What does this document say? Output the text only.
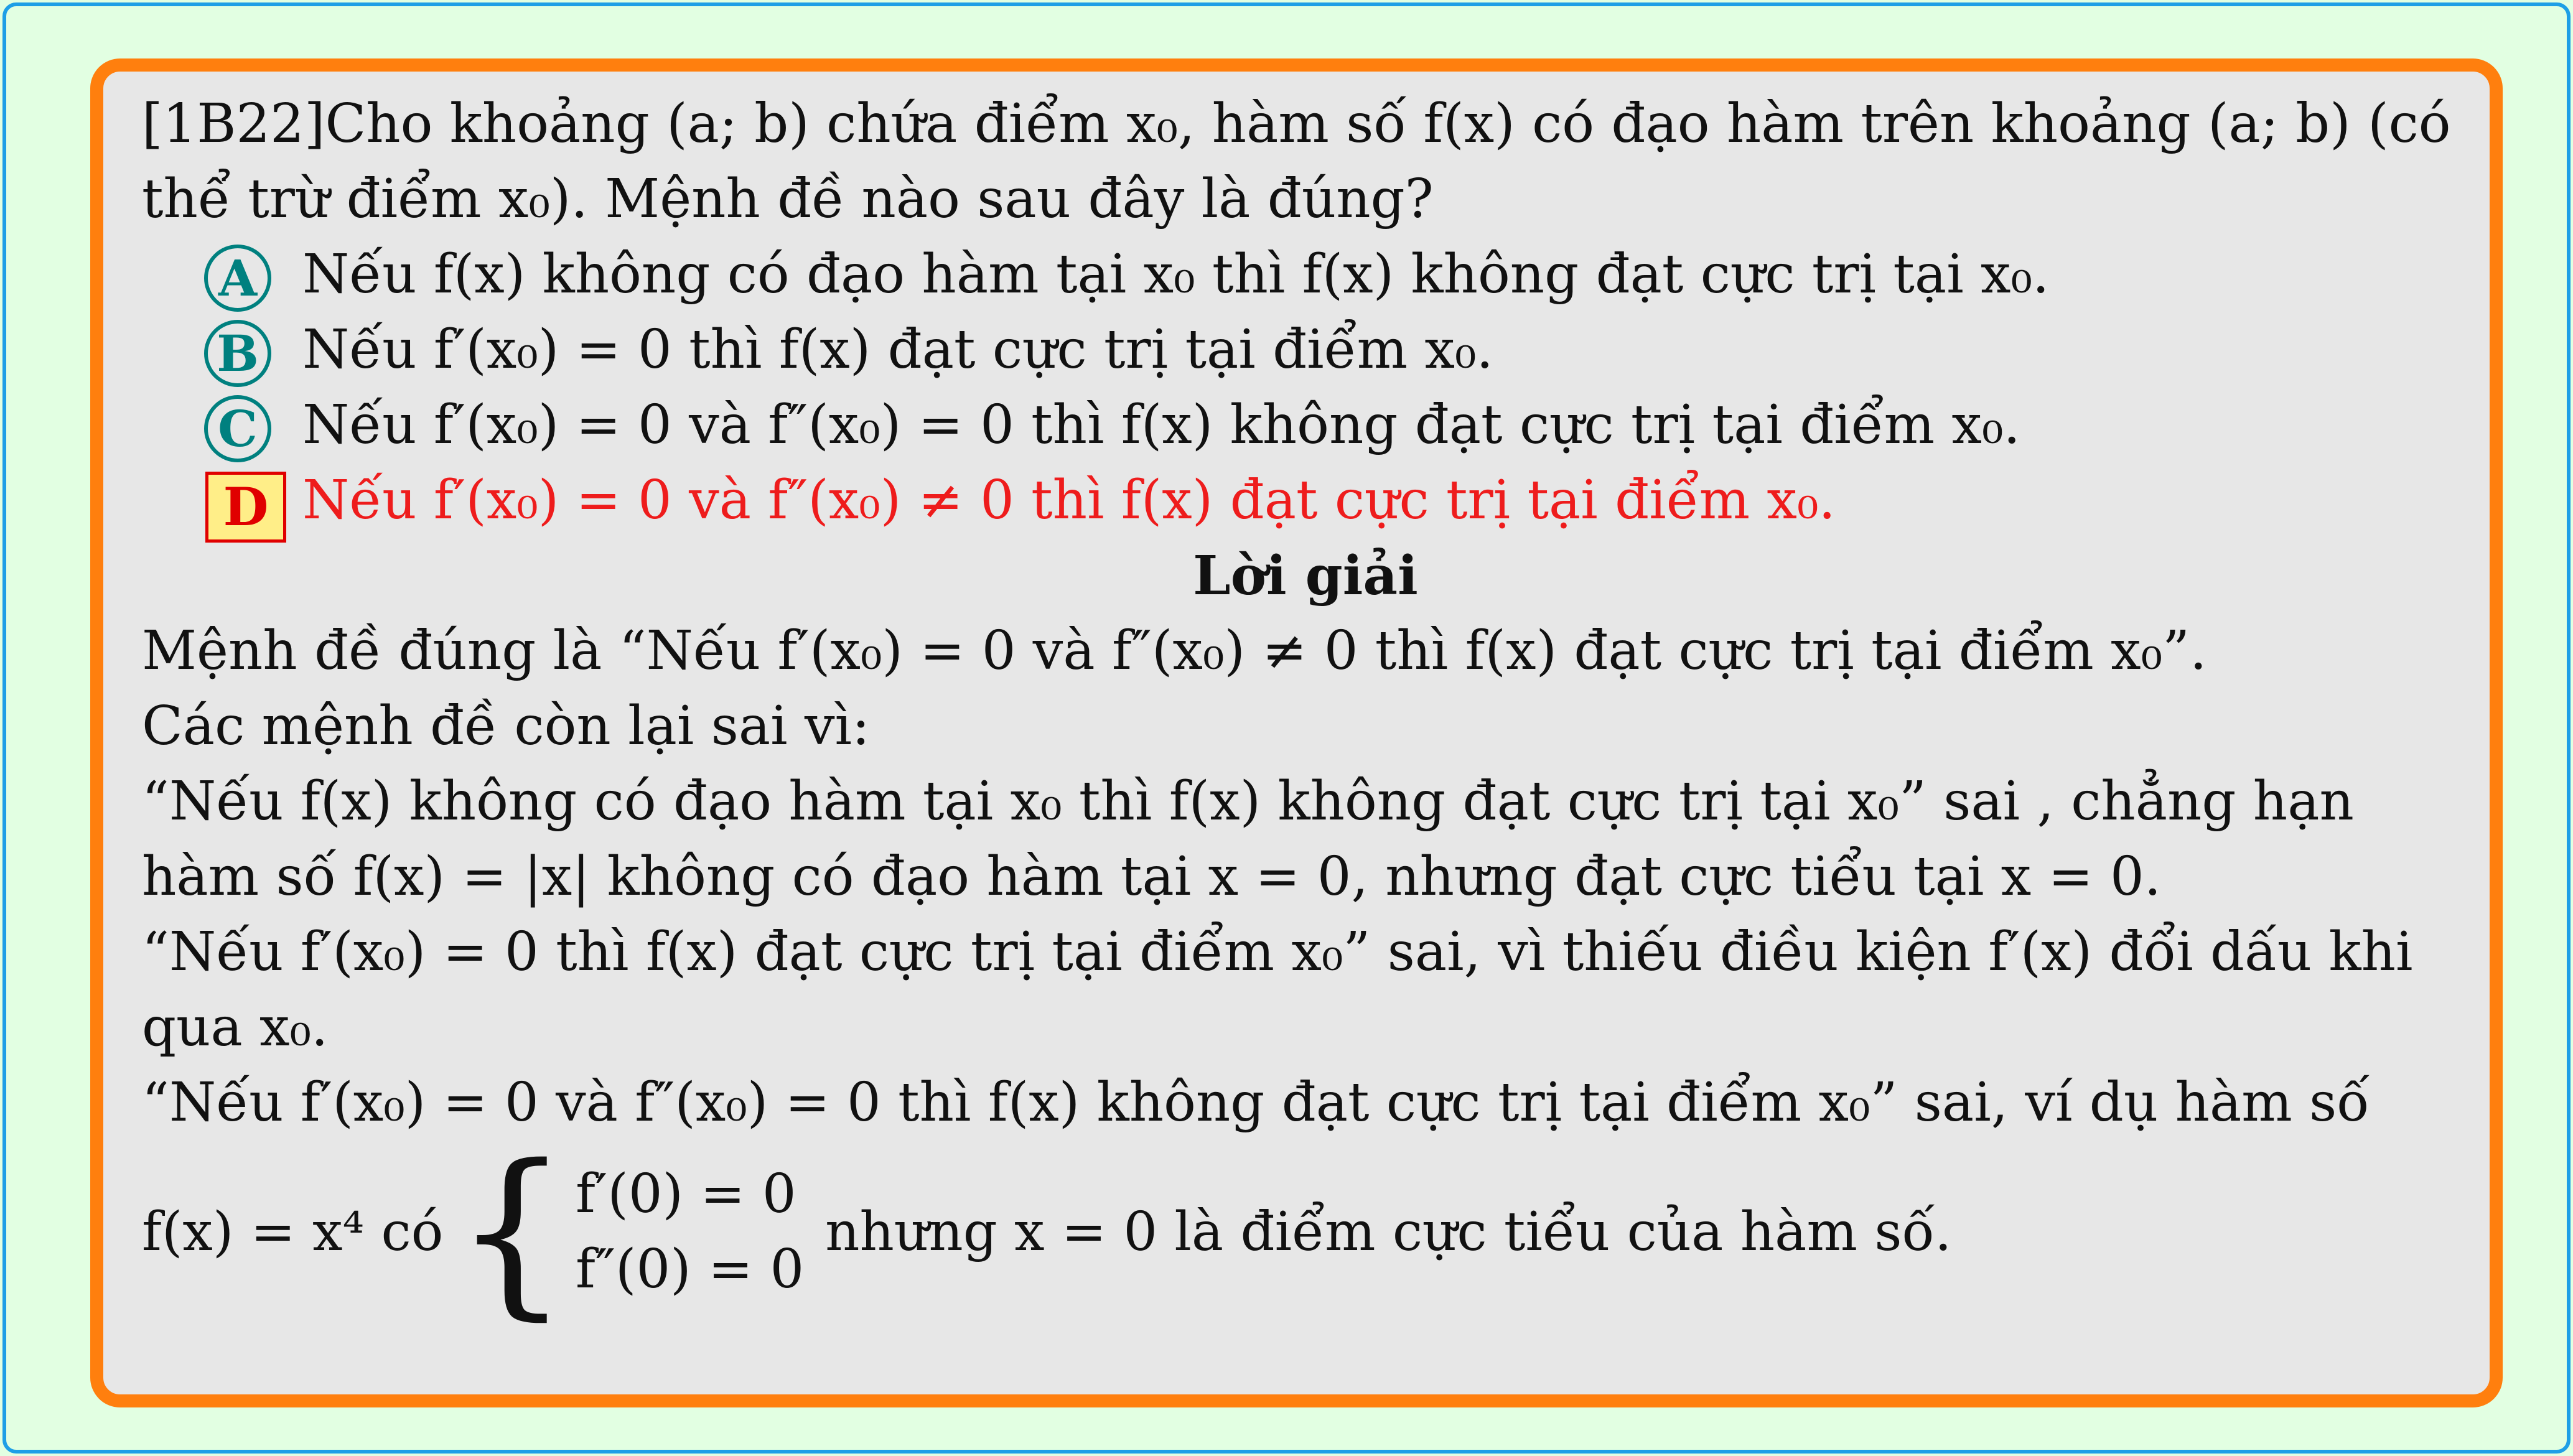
[1B22]Cho khoảng (a; b) chứa điểm x₀, hàm số f(x) có đạo hàm trên khoảng (a; b) (có

thể trừ điểm x₀). Mệnh đề nào sau đây là đúng?

A Nếu f(x) không có đạo hàm tại x₀ thì f(x) không đạt cực trị tại x₀.
B Nếu f′(x₀) = 0 thì f(x) đạt cực trị tại điểm x₀.
C Nếu f′(x₀) = 0 và f″(x₀) = 0 thì f(x) không đạt cực trị tại điểm x₀.
D Nếu f′(x₀) = 0 và f″(x₀) ≠ 0 thì f(x) đạt cực trị tại điểm x₀.

Lời giải

Mệnh đề đúng là “Nếu f′(x₀) = 0 và f″(x₀) ≠ 0 thì f(x) đạt cực trị tại điểm x₀”.

Các mệnh đề còn lại sai vì:

“Nếu f(x) không có đạo hàm tại x₀ thì f(x) không đạt cực trị tại x₀” sai , chẳng hạn

hàm số f(x) = |x| không có đạo hàm tại x = 0, nhưng đạt cực tiểu tại x = 0.

“Nếu f′(x₀) = 0 thì f(x) đạt cực trị tại điểm x₀” sai, vì thiếu điều kiện f′(x) đổi dấu khi

qua x₀.

“Nếu f′(x₀) = 0 và f″(x₀) = 0 thì f(x) không đạt cực trị tại điểm x₀” sai, ví dụ hàm số

f(x) = x⁴ có { f′(0) = 0
f″(0) = 0
nhưng x = 0 là điểm cực tiểu của hàm số.
